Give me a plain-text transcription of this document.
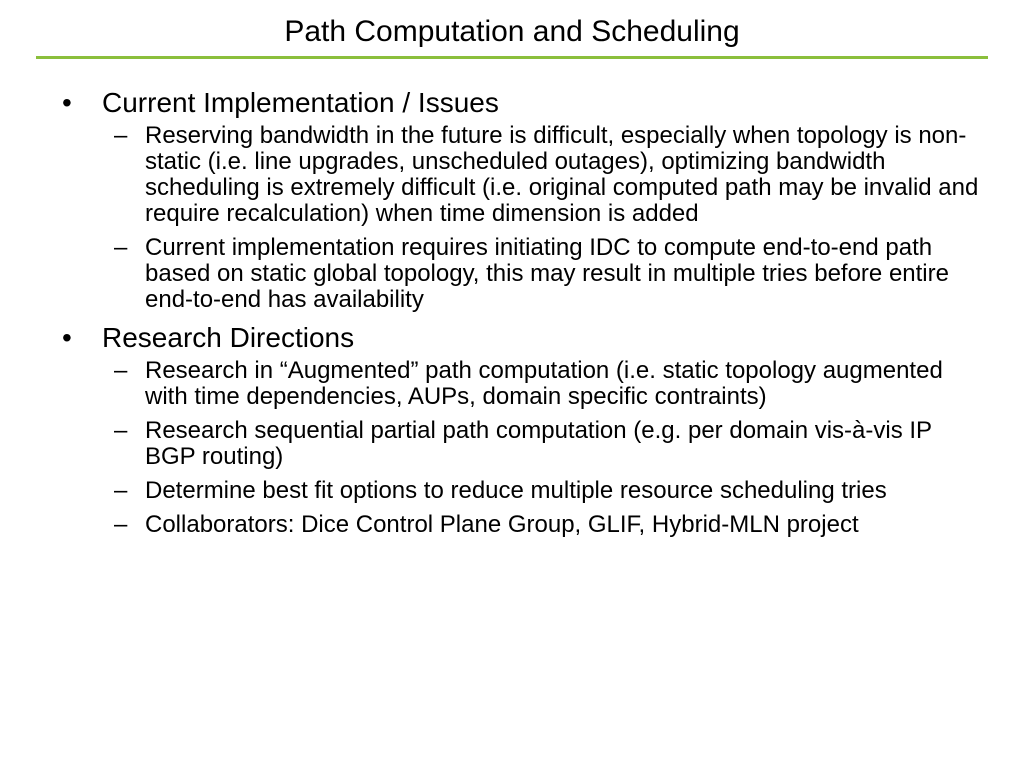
Path Computation and Scheduling
• Current Implementation / Issues
– Reserving bandwidth in the future is difficult, especially when topology is non-static (i.e. line upgrades, unscheduled outages), optimizing bandwidth scheduling is extremely difficult (i.e. original computed path may be invalid and require recalculation) when time dimension is added
– Current implementation requires initiating IDC to compute end-to-end path based on static global topology, this may result in multiple tries before entire end-to-end has availability
• Research Directions
– Research in “Augmented” path computation (i.e. static topology augmented with time dependencies, AUPs, domain specific contraints)
– Research sequential partial path computation (e.g. per domain vis-à-vis IP BGP routing)
– Determine best fit options to reduce multiple resource scheduling tries
– Collaborators: Dice Control Plane Group, GLIF, Hybrid-MLN project
